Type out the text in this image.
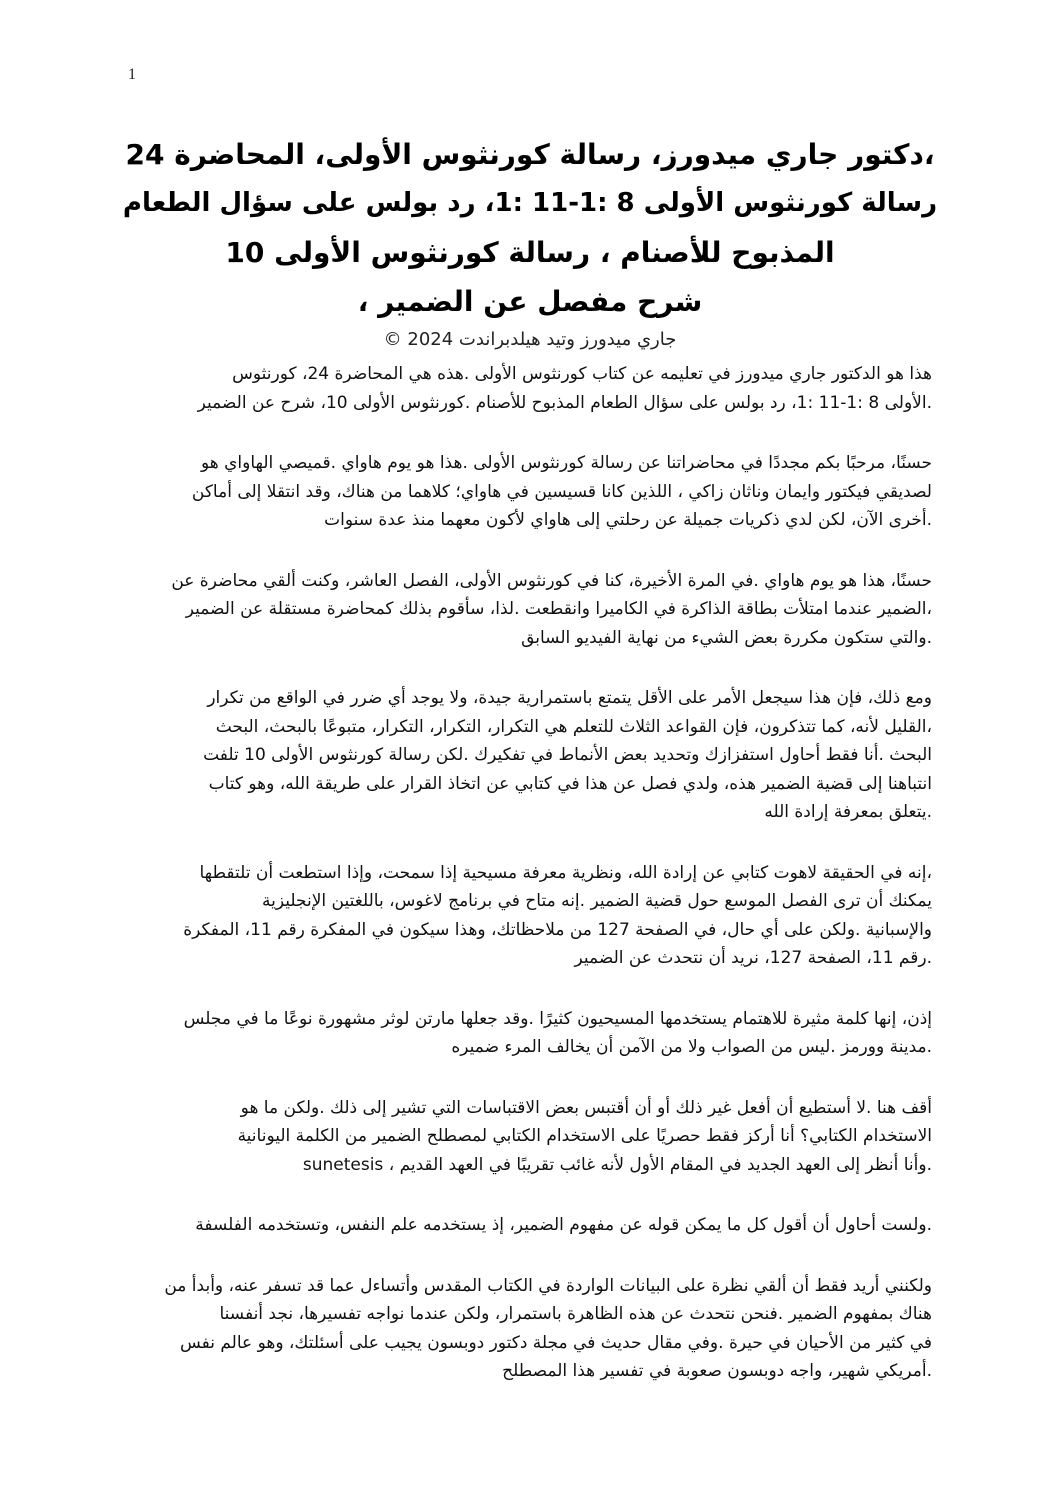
1
،دكتور جاري ميدورز، رسالة كورنثوس الأولى، المحاضرة 24
رسالة كورنثوس الأولى 8 :1-11 :1، رد بولس على سؤال الطعام
المذبوح للأصنام ، رسالة كورنثوس الأولى 10
شرح مفصل عن الضمير ،
جاري ميدورز وتيد هيلدبراندت 2024 ©
هذا هو الدكتور جاري ميدورز في تعليمه عن كتاب كورنثوس الأولى .هذه هي المحاضرة 24، كورنثوس
.الأولى 8 :1-11 :1، رد بولس على سؤال الطعام المذبوح للأصنام .كورنثوس الأولى 10، شرح عن الضمير
حسنًا، مرحبًا بكم مجددًا في محاضراتنا عن رسالة كورنثوس الأولى .هذا هو يوم هاواي .قميصي الهاواي هو
لصديقي فيكتور وايمان وناثان زاكي ، اللذين كانا قسيسين في هاواي؛ كلاهما من هناك، وقد انتقلا إلى أماكن
.أخرى الآن، لكن لدي ذكريات جميلة عن رحلتي إلى هاواي لأكون معهما منذ عدة سنوات
حسنًا، هذا هو يوم هاواي .في المرة الأخيرة، كنا في كورنثوس الأولى، الفصل العاشر، وكنت ألقي محاضرة عن
،الضمير عندما امتلأت بطاقة الذاكرة في الكاميرا وانقطعت .لذا، سأقوم بذلك كمحاضرة مستقلة عن الضمير
.والتي ستكون مكررة بعض الشيء من نهاية الفيديو السابق
ومع ذلك، فإن هذا سيجعل الأمر على الأقل يتمتع باستمرارية جيدة، ولا يوجد أي ضرر في الواقع من تكرار
،القليل لأنه، كما تتذكرون، فإن القواعد الثلاث للتعلم هي التكرار، التكرار، التكرار، متبوعًا بالبحث، البحث
البحث .أنا فقط أحاول استفزازك وتحديد بعض الأنماط في تفكيرك .لكن رسالة كورنثوس الأولى 10 تلفت
انتباهنا إلى قضية الضمير هذه، ولدي فصل عن هذا في كتابي عن اتخاذ القرار على طريقة الله، وهو كتاب
.يتعلق بمعرفة إرادة الله
،إنه في الحقيقة لاهوت كتابي عن إرادة الله، ونظرية معرفة مسيحية إذا سمحت، وإذا استطعت أن تلتقطها
يمكنك أن ترى الفصل الموسع حول قضية الضمير .إنه متاح في برنامج لاغوس، باللغتين الإنجليزية
والإسبانية .ولكن على أي حال، في الصفحة 127 من ملاحظاتك، وهذا سيكون في المفكرة رقم 11، المفكرة
.رقم 11، الصفحة 127، نريد أن نتحدث عن الضمير
إذن، إنها كلمة مثيرة للاهتمام يستخدمها المسيحيون كثيرًا .وقد جعلها مارتن لوثر مشهورة نوعًا ما في مجلس
.مدينة وورمز .ليس من الصواب ولا من الآمن أن يخالف المرء ضميره
أقف هنا .لا أستطيع أن أفعل غير ذلك أو أن أقتبس بعض الاقتباسات التي تشير إلى ذلك .ولكن ما هو
الاستخدام الكتابي؟ أنا أركز فقط حصريًا على الاستخدام الكتابي لمصطلح الضمير من الكلمة اليونانية
.وأنا أنظر إلى العهد الجديد في المقام الأول لأنه غائب تقريبًا في العهد القديم ، sunetesis
.ولست أحاول أن أقول كل ما يمكن قوله عن مفهوم الضمير، إذ يستخدمه علم النفس، وتستخدمه الفلسفة
ولكنني أريد فقط أن ألقي نظرة على البيانات الواردة في الكتاب المقدس وأتساءل عما قد تسفر عنه، وأبدأ من
هناك بمفهوم الضمير .فنحن نتحدث عن هذه الظاهرة باستمرار، ولكن عندما نواجه تفسيرها، نجد أنفسنا
في كثير من الأحيان في حيرة .وفي مقال حديث في مجلة دكتور دوبسون يجيب على أسئلتك، وهو عالم نفس
.أمريكي شهير، واجه دوبسون صعوبة في تفسير هذا المصطلح
